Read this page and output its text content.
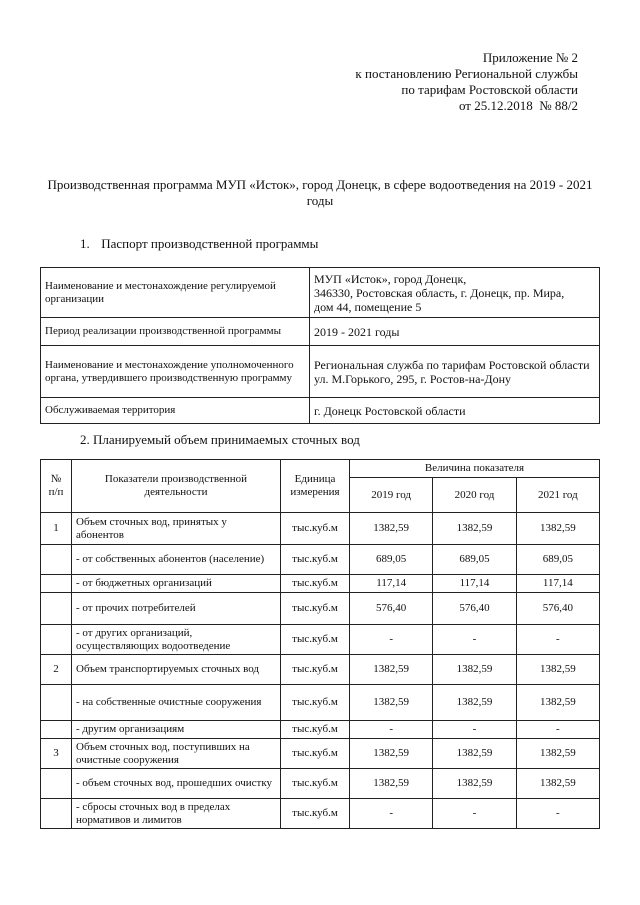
Приложение № 2
к постановлению Региональной службы
по тарифам Ростовской области
от 25.12.2018  № 88/2
Производственная программа МУП «Исток», город Донецк, в сфере водоотведения на 2019 - 2021 годы
1. Паспорт производственной программы
Наименование и местонахождение регулируемой организации	МУП «Исток», город Донецк,
346330, Ростовская область, г. Донецк, пр. Мира,
дом 44, помещение 5

Период реализации производственной программы	2019 - 2021 годы

Наименование и местонахождение уполномоченного органа, утвердившего производственную программу	Региональная служба по тарифам Ростовской области
ул. М.Горького, 295, г. Ростов-на-Дону

Обслуживаемая территория	г. Донецк Ростовской области
2. Планируемый объем принимаемых сточных вод
№ п/п	Показатели производственной деятельности	Единица измерения	Величина показателя		
			2019 год	2020 год	2021 год
1	Объем сточных вод, принятых у абонентов	тыс.куб.м	1382,59	1382,59	1382,59
	- от собственных абонентов (население)	тыс.куб.м	689,05	689,05	689,05
	- от бюджетных организаций	тыс.куб.м	117,14	117,14	117,14
	- от прочих потребителей	тыс.куб.м	576,40	576,40	576,40
	- от других организаций, осуществляющих водоотведение	тыс.куб.м	-	-	-
2	Объем транспортируемых сточных вод	тыс.куб.м	1382,59	1382,59	1382,59
	- на собственные очистные сооружения	тыс.куб.м	1382,59	1382,59	1382,59
	- другим организациям	тыс.куб.м	-	-	-
3	Объем сточных вод, поступивших на очистные сооружения	тыс.куб.м	1382,59	1382,59	1382,59
	- объем сточных вод, прошедших очистку	тыс.куб.м	1382,59	1382,59	1382,59
	- сбросы сточных вод в пределах нормативов и лимитов	тыс.куб.м	-	-	-
